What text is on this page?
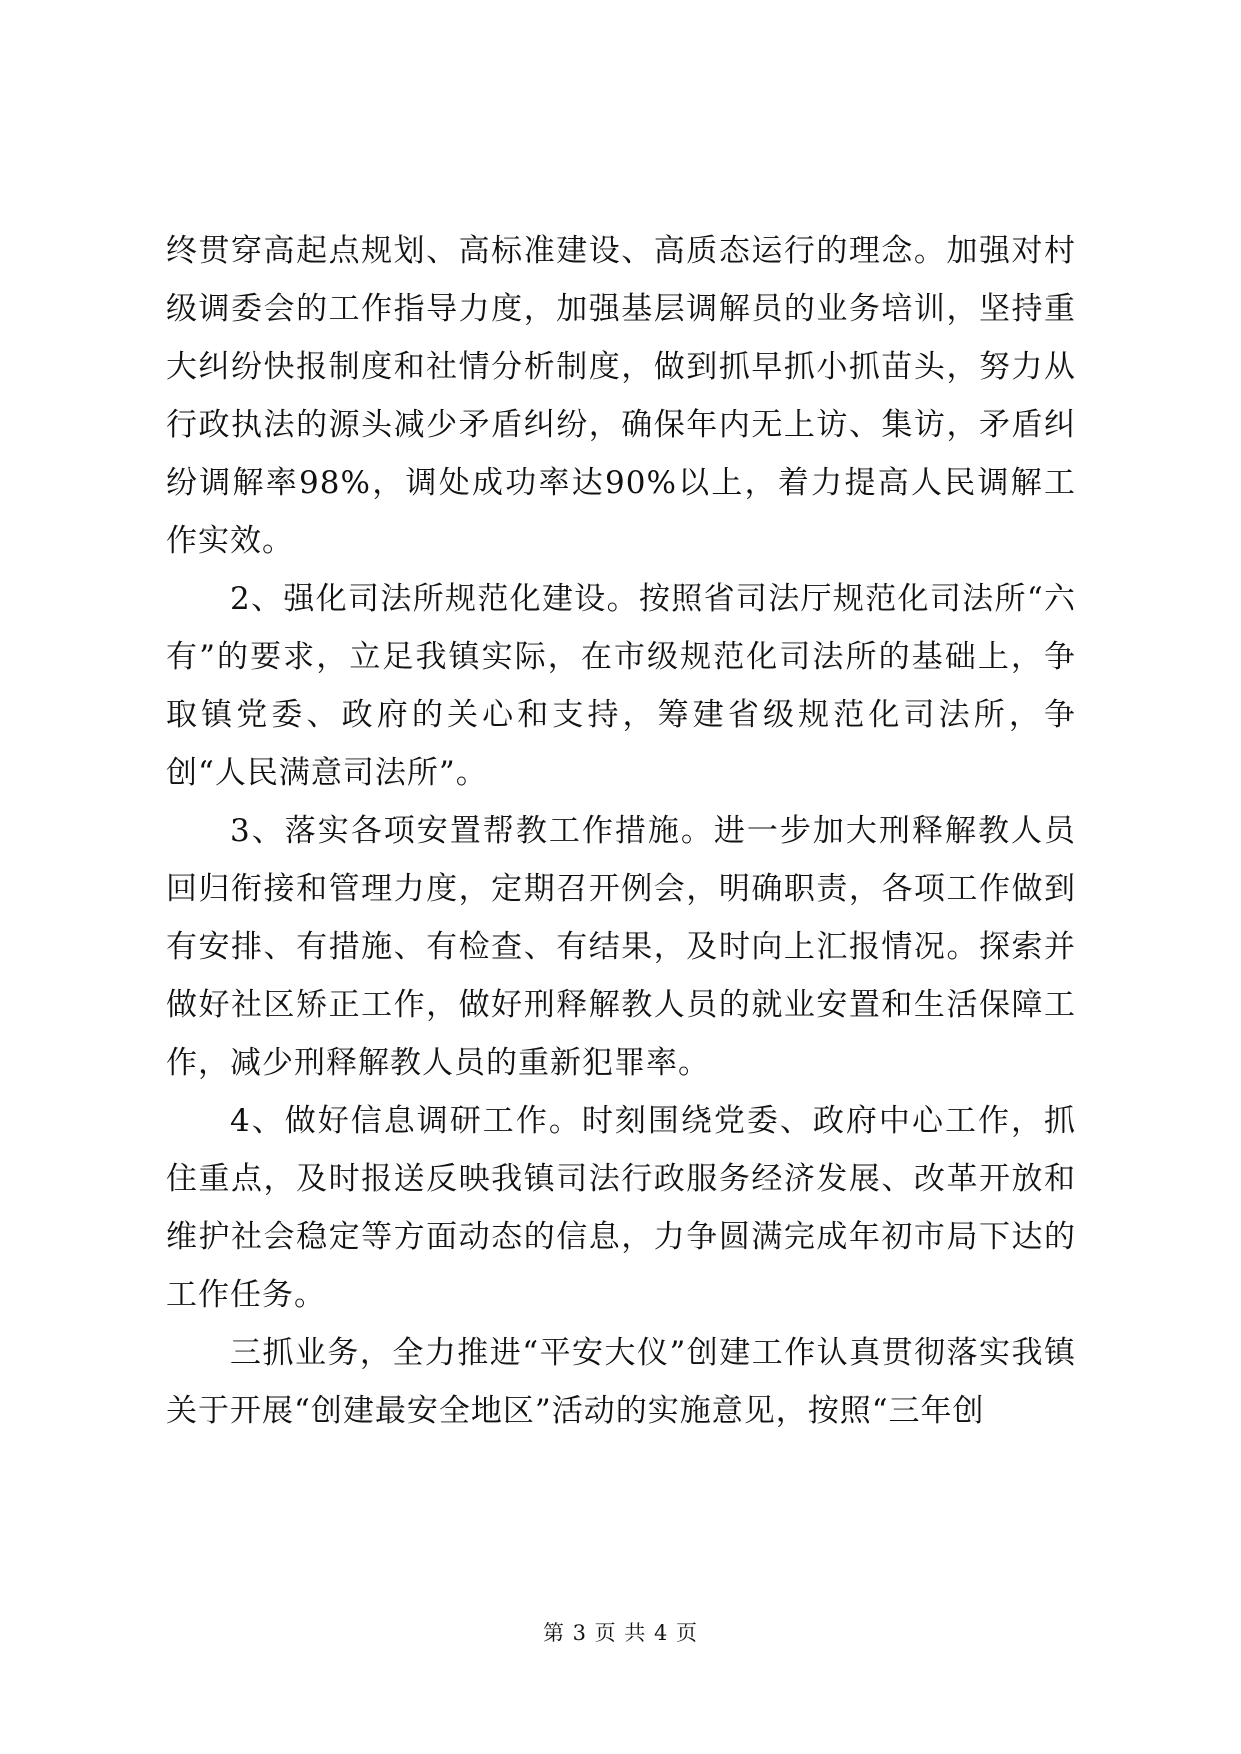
终贯穿高起点规划、高标准建设、高质态运行的理念。加强对村级调委会的工作指导力度，加强基层调解员的业务培训，坚持重大纠纷快报制度和社情分析制度，做到抓早抓小抓苗头，努力从行政执法的源头减少矛盾纠纷，确保年内无上访、集访，矛盾纠纷调解率98%，调处成功率达90%以上，着力提高人民调解工作实效。

2、强化司法所规范化建设。按照省司法厅规范化司法所“六有”的要求，立足我镇实际，在市级规范化司法所的基础上，争取镇党委、政府的关心和支持，筹建省级规范化司法所，争创“人民满意司法所”。

3、落实各项安置帮教工作措施。进一步加大刑释解教人员回归衔接和管理力度，定期召开例会，明确职责，各项工作做到有安排、有措施、有检查、有结果，及时向上汇报情况。探索并做好社区矫正工作，做好刑释解教人员的就业安置和生活保障工作，减少刑释解教人员的重新犯罪率。

4、做好信息调研工作。时刻围绕党委、政府中心工作，抓住重点，及时报送反映我镇司法行政服务经济发展、改革开放和维护社会稳定等方面动态的信息，力争圆满完成年初市局下达的工作任务。

三抓业务，全力推进“平安大仪”创建工作认真贯彻落实我镇关于开展“创建最安全地区”活动的实施意见，按照“三年创

第 3 页 共 4 页
